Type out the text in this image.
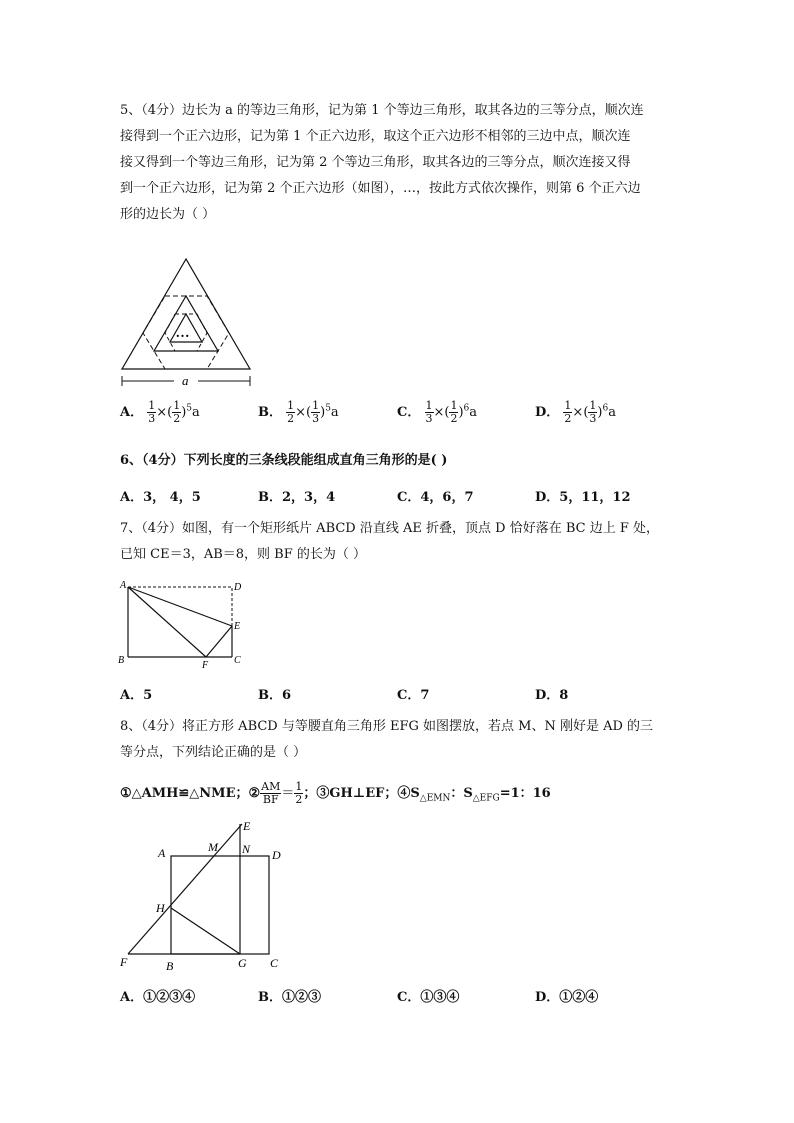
5、（4分）边长为 a 的等边三角形，记为第 1 个等边三角形，取其各边的三等分点，顺次连
接得到一个正六边形，记为第 1 个正六边形，取这个正六边形不相邻的三边中点，顺次连
接又得到一个等边三角形，记为第 2 个等边三角形，取其各边的三等分点，顺次连接又得
到一个正六边形，记为第 2 个正六边形（如图），…，按此方式依次操作，则第 6 个正六边
形的边长为（ ）
…
a
A． $\frac{1}{3}$ ×( $\frac{1}{2} )^5a$	B． $\frac{1}{2}$ ×( $\frac{1}{3} )^5a$	C． $\frac{1}{3}$ ×( $\frac{1}{2} )^6a$	D． $\frac{1}{2}$ ×( $\frac{1}{3} )^6a$
6、（4分）下列长度的三条线段能组成直角三角形的是( )
A．3， 4，5	B．2，3，4	C．4，6，7	D．5，11，12
7、（4分）如图，有一个矩形纸片 ABCD 沿直线 AE 折叠，顶点 D 恰好落在 BC 边上 F 处，
已知 CE＝3，AB＝8，则 BF 的长为（ ）
A	D
E
B	F	C
A．5	B．6	C．7	D．8
8、（4分）将正方形 ABCD 与等腰直角三角形 EFG 如图摆放，若点 M、N 刚好是 AD 的三
等分点，下列结论正确的是（ ）
①△AMH≌△NME；② $\frac{AM}{BF} = \frac{1}{2}$ ；③GH⊥EF；$④S_{\triangle EMN}$：$S_{\triangle EFG}=1$：16
E
A	M N D
H
F	B	G C
A．①②③④	B．①②③	C．①③④	D．①②④
